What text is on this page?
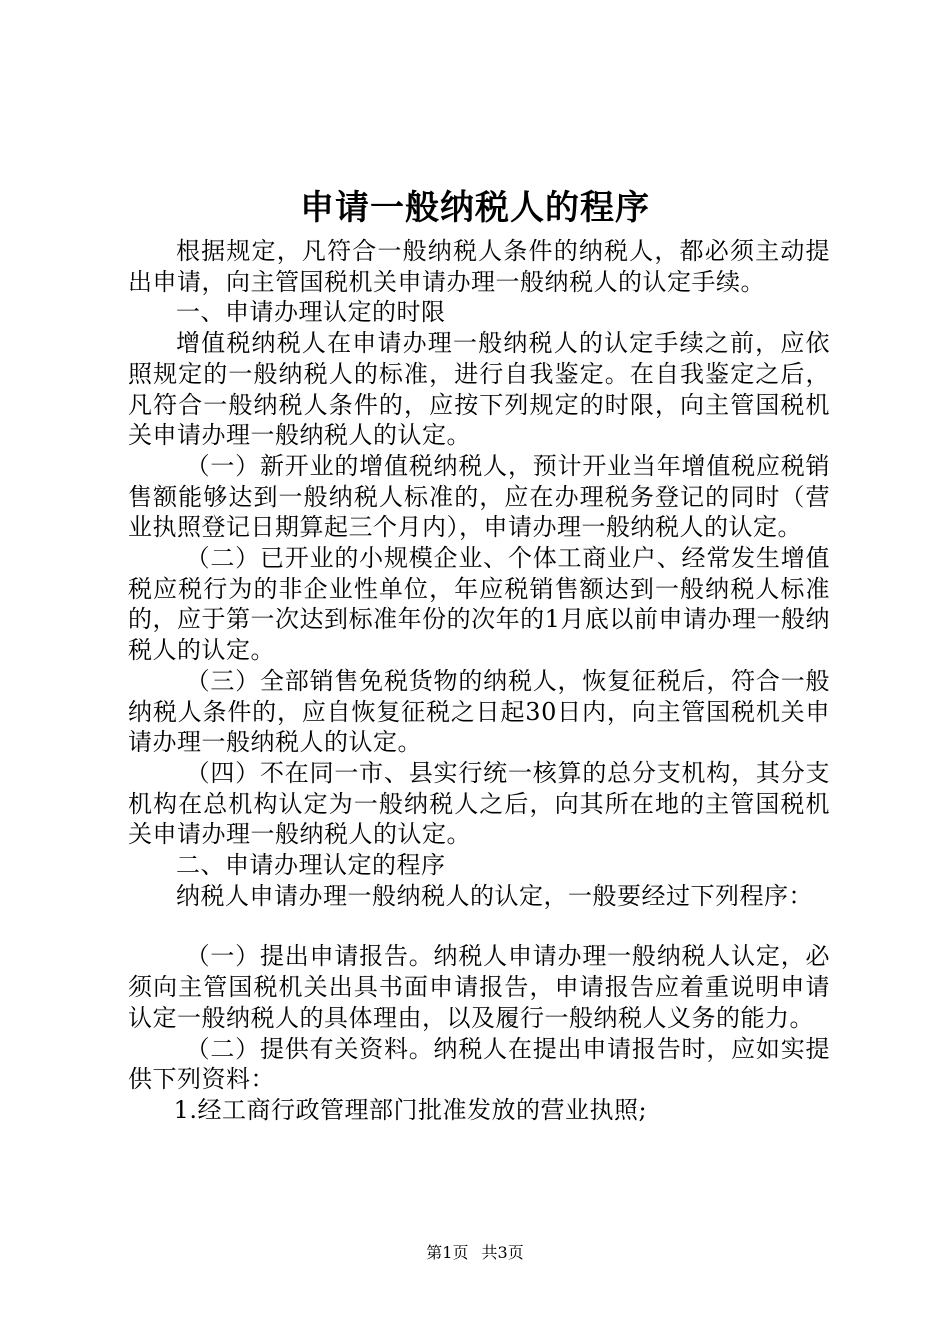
申请一般纳税人的程序

根据规定，凡符合一般纳税人条件的纳税人，都必须主动提出申请，向主管国税机关申请办理一般纳税人的认定手续。

一、申请办理认定的时限

增值税纳税人在申请办理一般纳税人的认定手续之前，应依照规定的一般纳税人的标准，进行自我鉴定。在自我鉴定之后，凡符合一般纳税人条件的，应按下列规定的时限，向主管国税机关申请办理一般纳税人的认定。

（一）新开业的增值税纳税人，预计开业当年增值税应税销售额能够达到一般纳税人标准的，应在办理税务登记的同时（营业执照登记日期算起三个月内），申请办理一般纳税人的认定。

（二）已开业的小规模企业、个体工商业户、经常发生增值税应税行为的非企业性单位，年应税销售额达到一般纳税人标准的，应于第一次达到标准年份的次年的1月底以前申请办理一般纳税人的认定。

（三）全部销售免税货物的纳税人，恢复征税后，符合一般纳税人条件的，应自恢复征税之日起30日内，向主管国税机关申请办理一般纳税人的认定。

（四）不在同一市、县实行统一核算的总分支机构，其分支机构在总机构认定为一般纳税人之后，向其所在地的主管国税机关申请办理一般纳税人的认定。

二、申请办理认定的程序

纳税人申请办理一般纳税人的认定，一般要经过下列程序：

（一）提出申请报告。纳税人申请办理一般纳税人认定，必须向主管国税机关出具书面申请报告，申请报告应着重说明申请认定一般纳税人的具体理由，以及履行一般纳税人义务的能力。

（二）提供有关资料。纳税人在提出申请报告时，应如实提供下列资料：

1.经工商行政管理部门批准发放的营业执照;

第1页 共3页
